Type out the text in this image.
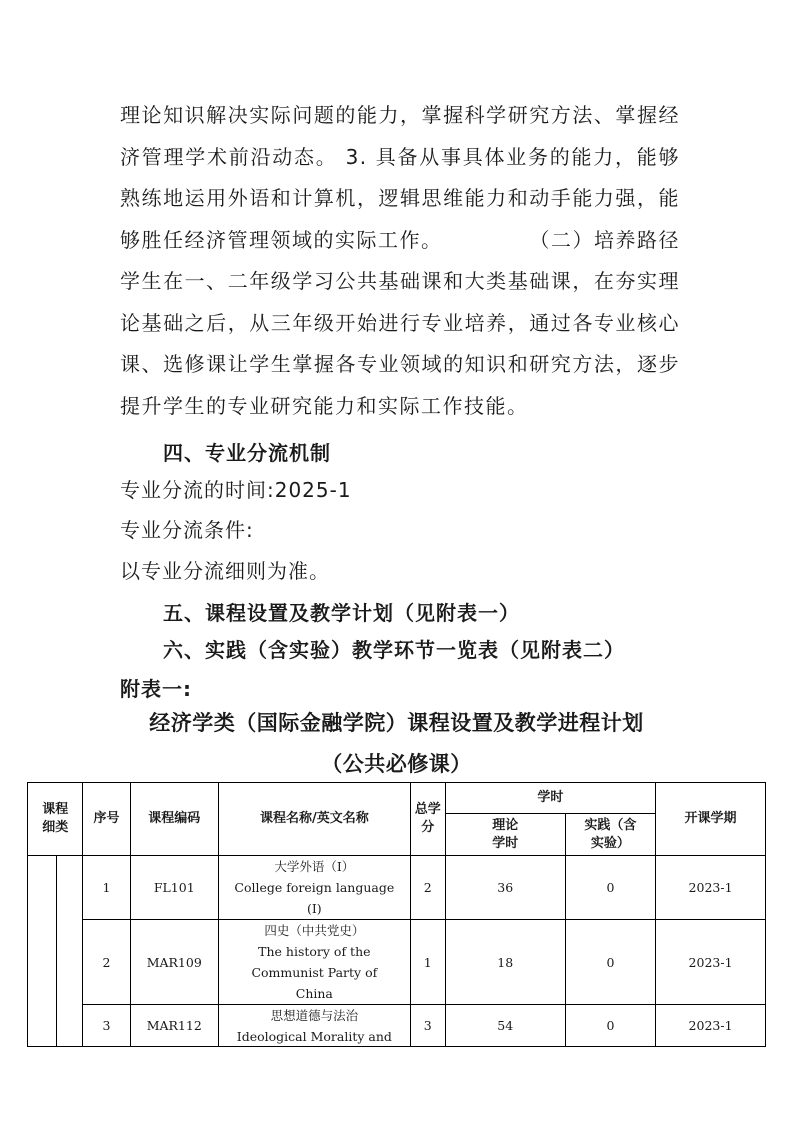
理论知识解决实际问题的能力，掌握科学研究方法、掌握经
济管理学术前沿动态。 3. 具备从事具体业务的能力，能够
熟练地运用外语和计算机，逻辑思维能力和动手能力强，能
够胜任经济管理领域的实际工作。	（二）培养路径
学生在一、二年级学习公共基础课和大类基础课，在夯实理
论基础之后，从三年级开始进行专业培养，通过各专业核心
课、选修课让学生掌握各专业领域的知识和研究方法，逐步
提升学生的专业研究能力和实际工作技能。
四、专业分流机制
专业分流的时间:2025-1
专业分流条件:
以专业分流细则为准。
五、课程设置及教学计划（见附表一）
六、实践（含实验）教学环节一览表（见附表二）
附表一:
经济学类（国际金融学院）课程设置及教学进程计划
（公共必修课）
课程细类		序号	课程编码	课程名称/英文名称	总学分	学时		开课学期

						理论学时	实践（含实验）	

		1	FL101	大学外语（I）
College foreign language (I)	2	36	0	2023-1
		2	MAR109	四史（中共党史）
The history of the Communist Party of China	1	18	0	2023-1
		3	MAR112	思想道德与法治
Ideological Morality and	3	54	0	2023-1
